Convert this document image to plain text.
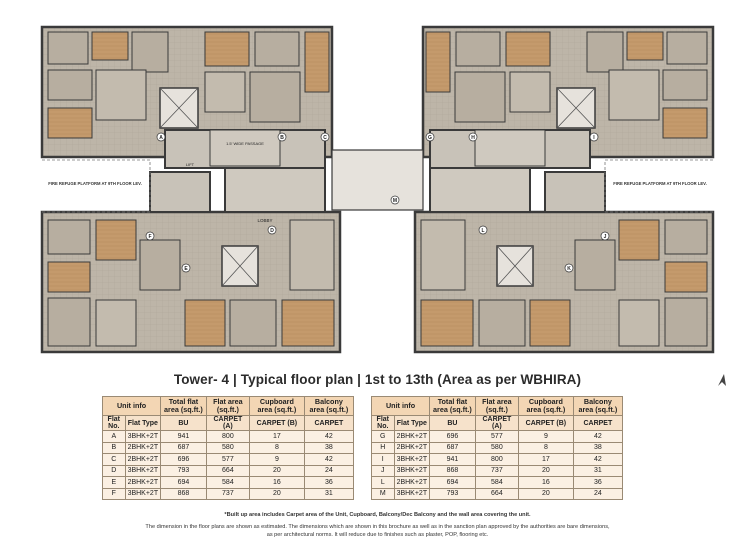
FIRE REFUGE PLATFORM AT 9TH FLOOR LEV.	FIRE REFUGE PLATFORM AT 9TH FLOOR LEV.
LOBBY
1.5' WIDE PASSAGE
LIFT
A	B	C
D
E
F
G	H	I
J
K
L
M
Tower- 4 | Typical floor plan | 1st to 13th (Area as per WBHIRA)
Unit info		Total flat area (sq.ft.)	Flat area (sq.ft.)	Cupboard area (sq.ft.)	Balcony area (sq.ft.)
Flat No.	Flat Type	BU	CARPET (A)	CARPET (B)	CARPET
A	3BHK+2T	941	800	17	42
B	2BHK+2T	687	580	8	38
C	2BHK+2T	696	577	9	42
D	3BHK+2T	793	664	20	24
E	2BHK+2T	694	584	16	36
F	3BHK+2T	868	737	20	31
Unit info		Total flat area (sq.ft.)	Flat area (sq.ft.)	Cupboard area (sq.ft.)	Balcony area (sq.ft.)
Flat No.	Flat Type	BU	CARPET (A)	CARPET (B)	CARPET
G	2BHK+2T	696	577	9	42
H	2BHK+2T	687	580	8	38
I	3BHK+2T	941	800	17	42
J	3BHK+2T	868	737	20	31
L	2BHK+2T	694	584	16	36
M	3BHK+2T	793	664	20	24
*Built up area includes Carpet area of the Unit, Cupboard, Balcony/Dec Balcony and the wall area covering the unit.
The dimension in the floor plans are shown as estimated. The dimensions which are shown in this brochure as well as in the sanction plan approved by the authorities are bare dimensions,
as per architectural norms. It will reduce due to finishes such as plaster, POP, flooring etc.
